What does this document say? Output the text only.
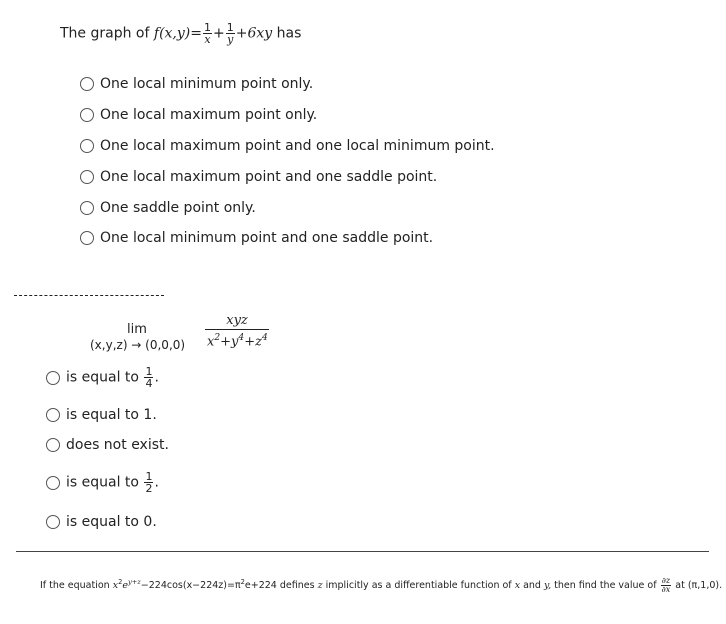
The graph of $f(x,y)= \frac{1}{x} + \frac{1}{y} +6xy$ has
One local minimum point only.
One local maximum point only.
One local maximum point and one local minimum point.
One local maximum point and one saddle point.
One saddle point only.
One local minimum point and one saddle point.
lim
(x,y,z) → (0,0,0)
xyz
$x^2+y^4+z^4$
is equal to $\frac{1}{4}$ .
is equal to 1.
does not exist.
is equal to $\frac{1}{2}$ .
is equal to 0.
If the equation $x^2e^{y+z}-224\cos(x-224z)=\pi^2e+224$ defines z implicitly as a differentiable function of x and y, then find the value of $\frac{\partial z}{\partial x}$ at (π,1,0).
